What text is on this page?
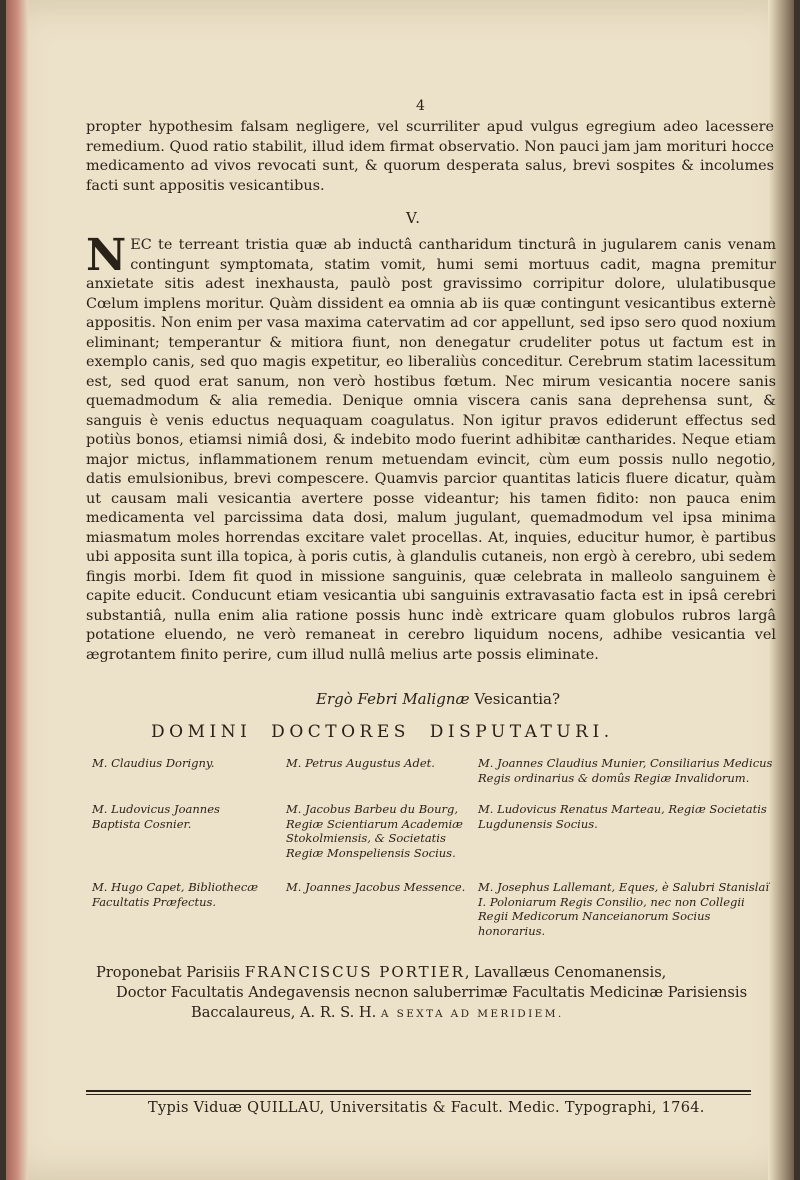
4

propter hypothesim falsam negligere, vel scurriliter apud vulgus egregium adeo lacessere remedium. Quod ratio stabilit, illud idem firmat observatio. Non pauci jam jam morituri hocce medicamento ad vivos revocati sunt, & quorum desperata salus, brevi sospites & incolumes facti sunt appositis vesicantibus.

V.

NEC te terreant tristia quæ ab inductâ cantharidum tincturâ in jugularem canis venam contingunt symptomata, statim vomit, humi semi mortuus cadit, magna premitur anxietate sitis adest inexhausta, paulò post gravissimo corripitur dolore, ululatibusque Cœlum implens moritur. Quàm dissident ea omnia ab iis quæ contingunt vesicantibus externè appositis. Non enim per vasa maxima catervatim ad cor appellunt, sed ipso sero quod noxium eliminant; temperantur & mitiora fiunt, non denegatur crudeliter potus ut factum est in exemplo canis, sed quo magis expetitur, eo liberaliùs conceditur. Cerebrum statim lacessitum est, sed quod erat sanum, non verò hostibus fœtum. Nec mirum vesicantia nocere sanis quemadmodum & alia remedia. Denique omnia viscera canis sana deprehensa sunt, & sanguis è venis eductus nequaquam coagulatus. Non igitur pravos ediderunt effectus sed potiùs bonos, etiamsi nimiâ dosi, & indebito modo fuerint adhibitæ cantharides. Neque etiam major mictus, inflammationem renum metuendam evincit, cùm eum possis nullo negotio, datis emulsionibus, brevi compescere. Quamvis parcior quantitas laticis fluere dicatur, quàm ut causam mali vesicantia avertere posse videantur; his tamen fidito: non pauca enim medicamenta vel parcissima data dosi, malum jugulant, quemadmodum vel ipsa minima miasmatum moles horrendas excitare valet procellas. At, inquies, educitur humor, è partibus ubi apposita sunt illa topica, à poris cutis, à glandulis cutaneis, non ergò à cerebro, ubi sedem fingis morbi. Idem fit quod in missione sanguinis, quæ celebrata in malleolo sanguinem è capite educit. Conducunt etiam vesicantia ubi sanguinis extravasatio facta est in ipsâ cerebri substantiâ, nulla enim alia ratione possis hunc indè extricare quam globulos rubros largâ potatione eluendo, ne verò remaneat in cerebro liquidum nocens, adhibe vesicantia vel ægrotantem finito perire, cum illud nullâ melius arte possis eliminate.

Ergò Febri Malignæ Vesicantia?
DOMINI DOCTORES DISPUTATURI.
M. Claudius Dorigny.
M. Ludovicus Joannes Baptista Cosnier.
M. Hugo Capet, Bibliothecæ Facultatis Præfectus.
M. Petrus Augustus Adet.
M. Jacobus Barbeu du Bourg, Regiæ Scientiarum Academiæ Stokolmiensis, & Societatis Regiæ Monspeliensis Socius.
M. Joannes Jacobus Messence.
M. Joannes Claudius Munier, Consiliarius Medicus Regis ordinarius & domûs Regiæ Invalidorum.
M. Ludovicus Renatus Marteau, Regiæ Societatis Lugdunensis Socius.
M. Josephus Lallemant, Eques, è Salubri Stanislaï I. Poloniarum Regis Consilio, nec non Collegii Regii Medicorum Nanceianorum Socius honorarius.
Proponebat Parisiis FRANCISCUS PORTIER, Lavallæus Cenomanensis,
Doctor Facultatis Andegavensis necnon saluberrimæ Facultatis Medicinæ Parisiensis
Baccalaureus, A. R. S. H. A SEXTA AD MERIDIEM.
Typis Viduæ QUILLAU, Universitatis & Facult. Medic. Typographi, 1764.
